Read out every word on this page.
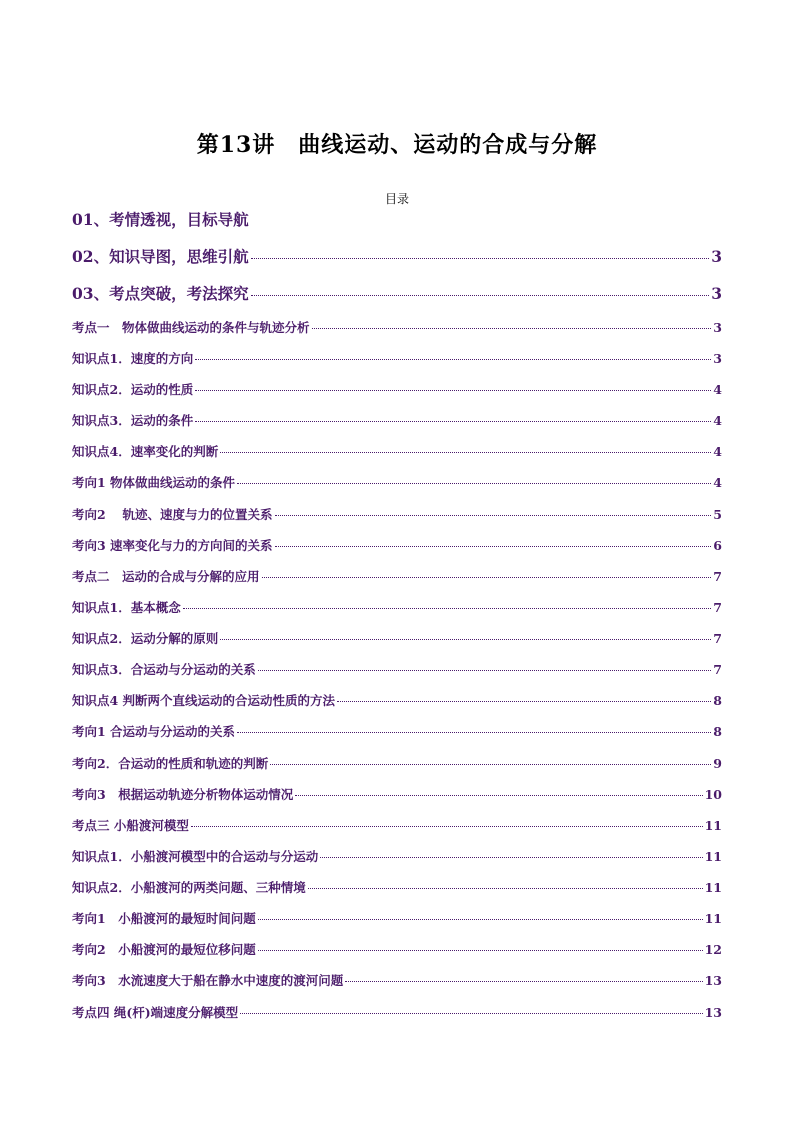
第13讲　曲线运动、运动的合成与分解
目录
01、考情透视，目标导航
02、知识导图，思维引航	3
03、考点突破，考法探究	3
考点一　物体做曲线运动的条件与轨迹分析	3
知识点1．速度的方向	3
知识点2．运动的性质	4
知识点3．运动的条件	4
知识点4．速率变化的判断	4
考向1 物体做曲线运动的条件	4
考向2　 轨迹、速度与力的位置关系	5
考向3 速率变化与力的方向间的关系	6
考点二　运动的合成与分解的应用	7
知识点1．基本概念	7
知识点2．运动分解的原则	7
知识点3．合运动与分运动的关系	7
知识点4 判断两个直线运动的合运动性质的方法	8
考向1 合运动与分运动的关系	8
考向2．合运动的性质和轨迹的判断	9
考向3　根据运动轨迹分析物体运动情况	10
考点三 小船渡河模型	11
知识点1．小船渡河模型中的合运动与分运动	11
知识点2．小船渡河的两类问题、三种情境	11
考向1　小船渡河的最短时间问题	11
考向2　小船渡河的最短位移问题	12
考向3　水流速度大于船在静水中速度的渡河问题	13
考点四 绳(杆)端速度分解模型	13
